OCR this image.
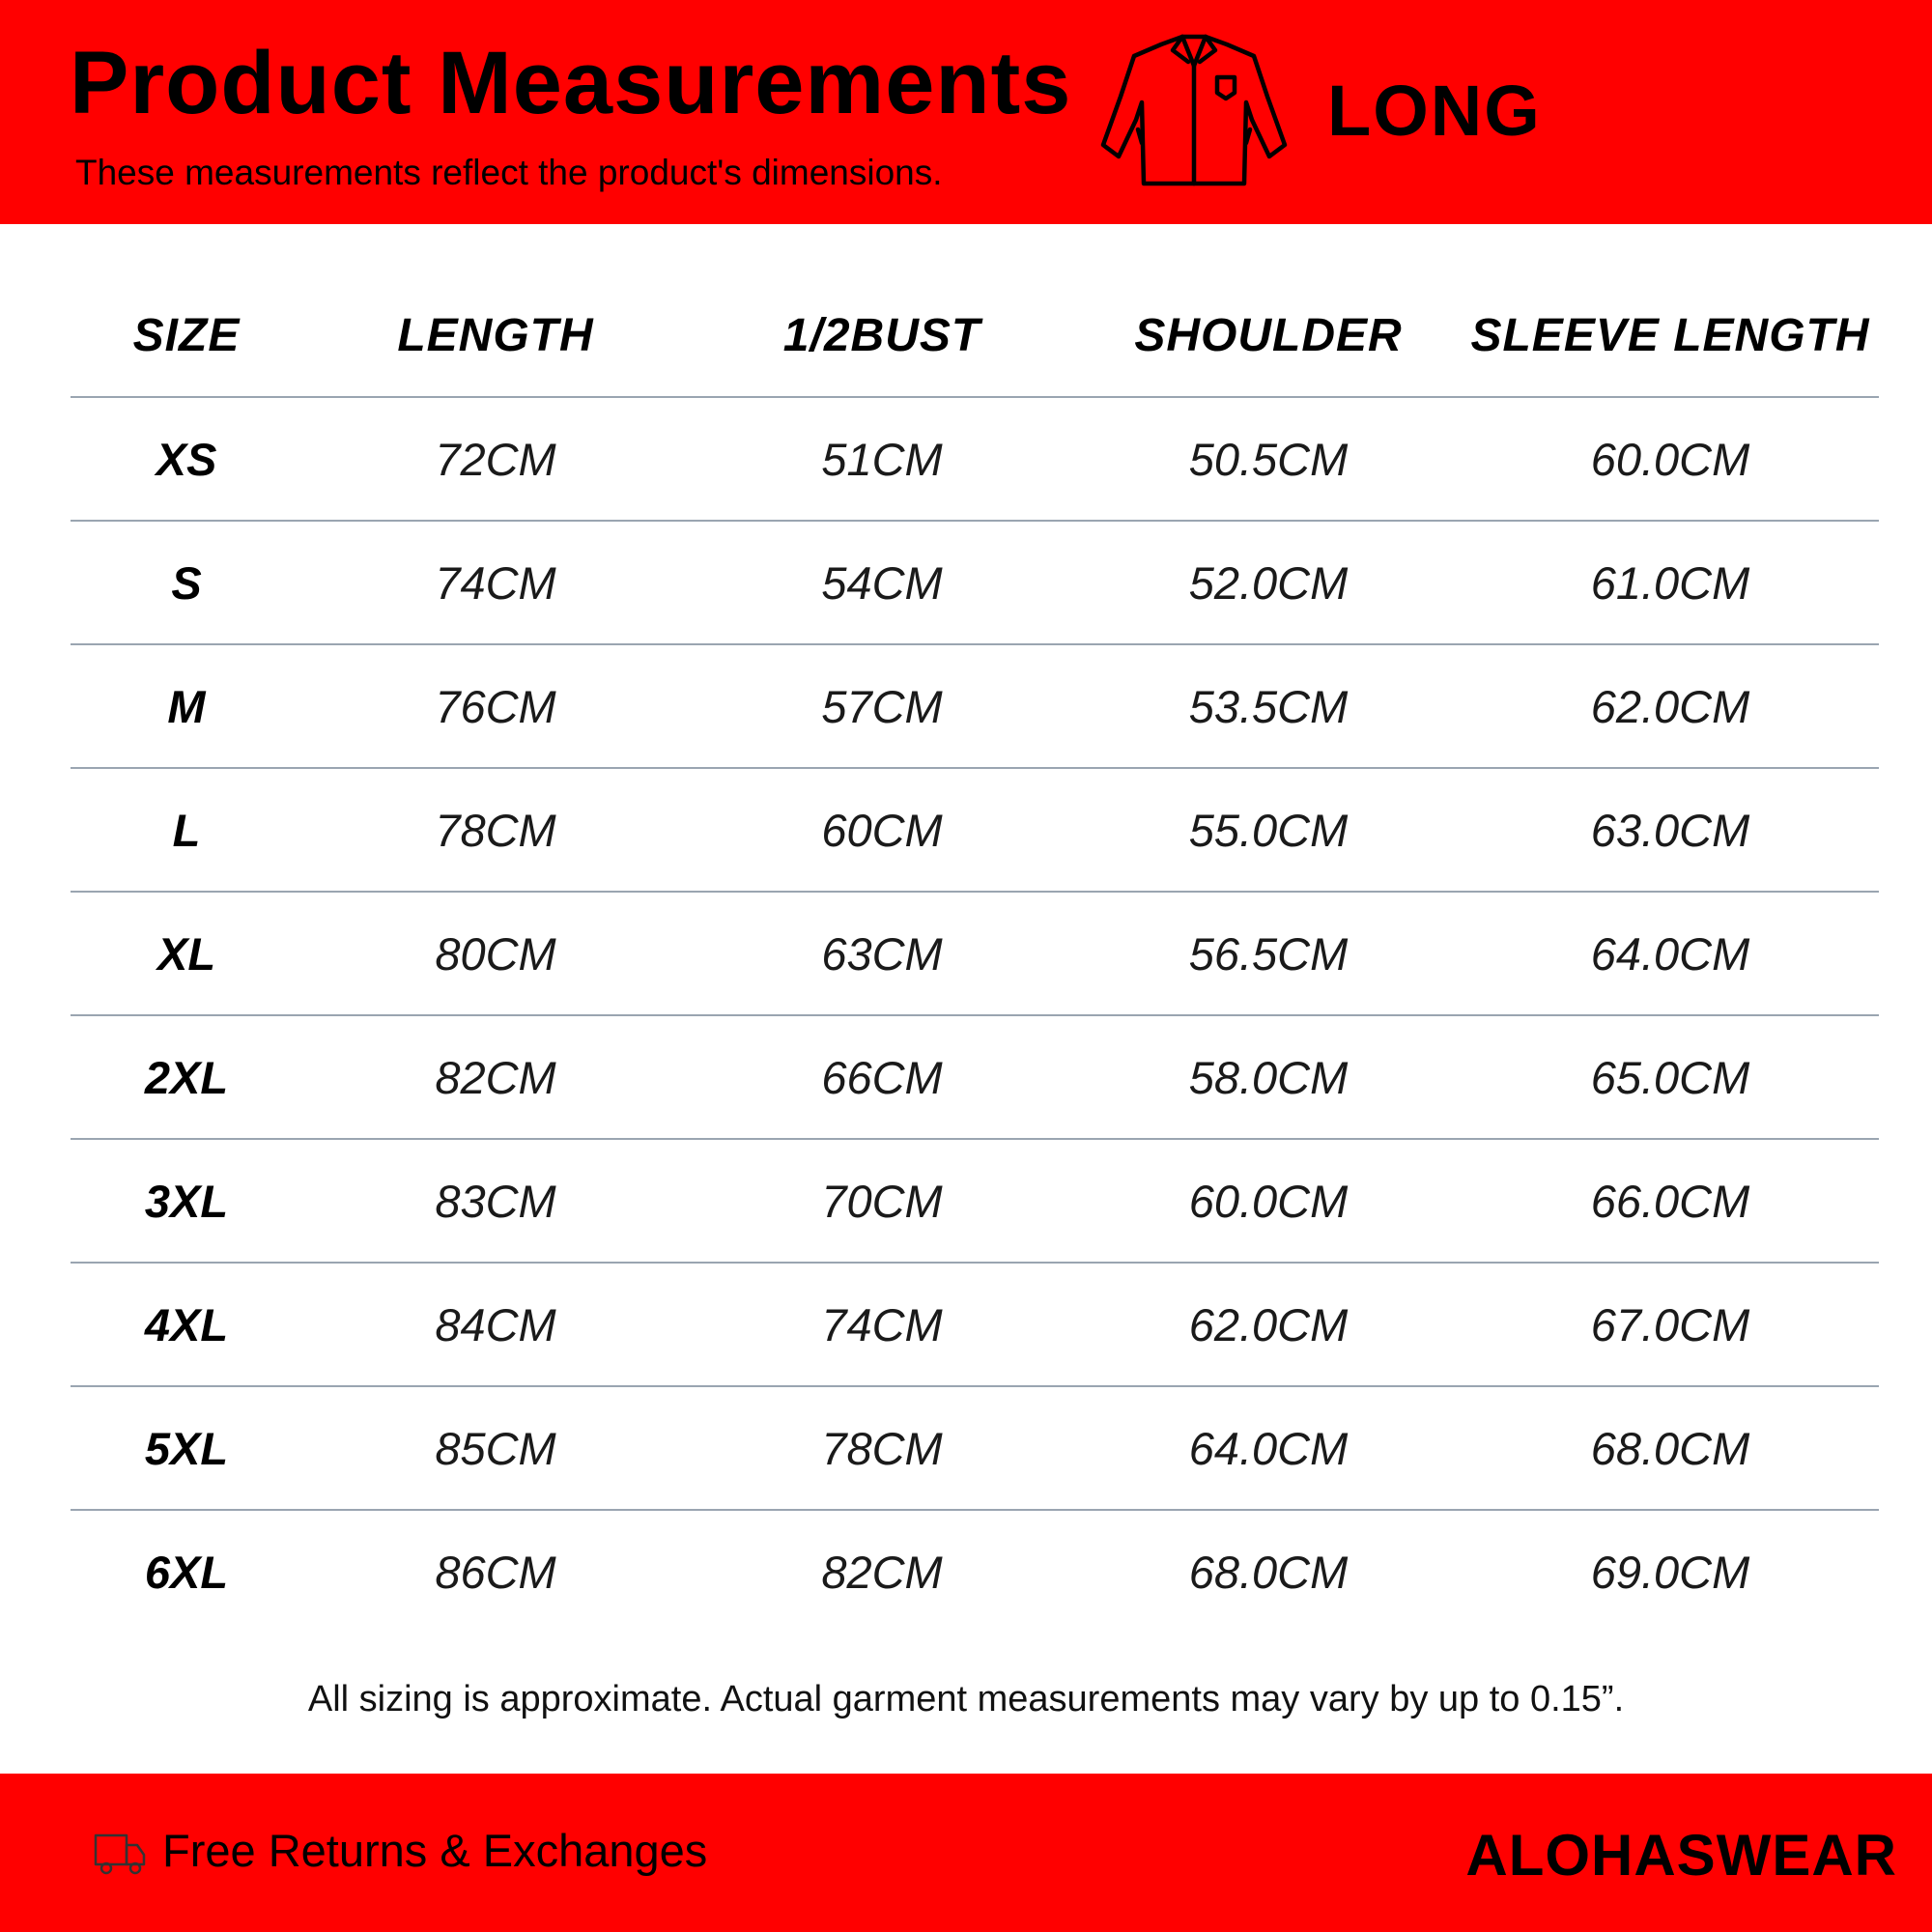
Product Measurements
These measurements reflect the product's dimensions.
LONG
SIZE	LENGTH	1/2BUST	SHOULDER	SLEEVE LENGTH
XS	72CM	51CM	50.5CM	60.0CM
S	74CM	54CM	52.0CM	61.0CM
M	76CM	57CM	53.5CM	62.0CM
L	78CM	60CM	55.0CM	63.0CM
XL	80CM	63CM	56.5CM	64.0CM
2XL	82CM	66CM	58.0CM	65.0CM
3XL	83CM	70CM	60.0CM	66.0CM
4XL	84CM	74CM	62.0CM	67.0CM
5XL	85CM	78CM	64.0CM	68.0CM
6XL	86CM	82CM	68.0CM	69.0CM
All sizing is approximate. Actual garment measurements may vary by up to 0.15”.
Free Returns & Exchanges	ALOHASWEAR
